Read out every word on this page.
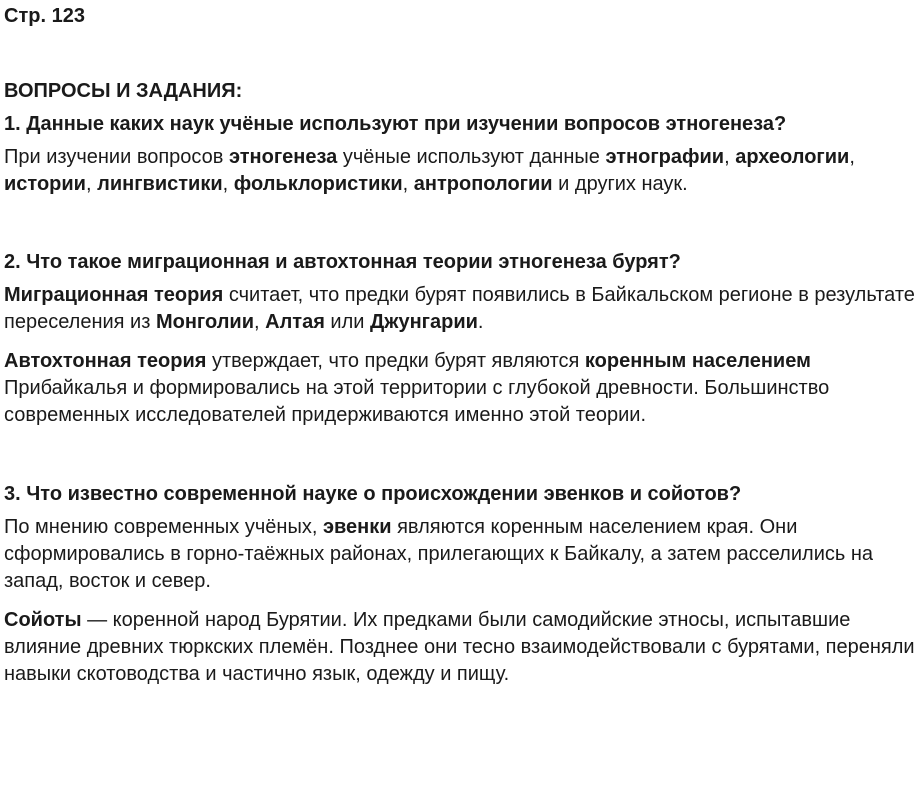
Стр. 123
ВОПРОСЫ И ЗАДАНИЯ:
1. Данные каких наук учёные используют при изучении вопросов этногенеза?
При изучении вопросов этногенеза учёные используют данные этнографии, археологии, истории, лингвистики, фольклористики, антропологии и других наук.
2. Что такое миграционная и автохтонная теории этногенеза бурят?
Миграционная теория считает, что предки бурят появились в Байкальском регионе в результате переселения из Монголии, Алтая или Джунгарии.
Автохтонная теория утверждает, что предки бурят являются коренным населением Прибайкалья и формировались на этой территории с глубокой древности. Большинство современных исследователей придерживаются именно этой теории.
3. Что известно современной науке о происхождении эвенков и сойотов?
По мнению современных учёных, эвенки являются коренным населением края. Они сформировались в горно-таёжных районах, прилегающих к Байкалу, а затем расселились на запад, восток и север.
Сойоты — коренной народ Бурятии. Их предками были самодийские этносы, испытавшие влияние древних тюркских племён. Позднее они тесно взаимодействовали с бурятами, переняли навыки скотоводства и частично язык, одежду и пищу.
